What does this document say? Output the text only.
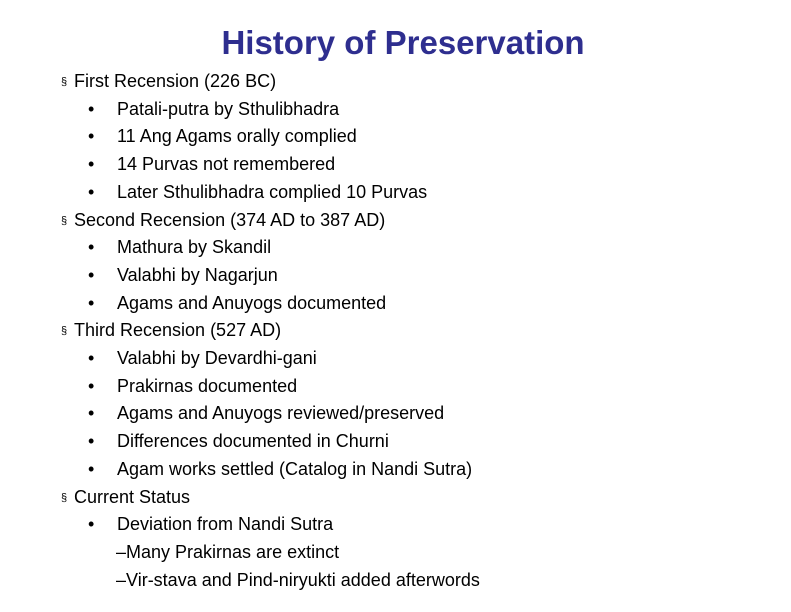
History of Preservation
§ First Recension (226 BC)
• Patali-putra by Sthulibhadra
• 11 Ang Agams orally complied
• 14 Purvas not remembered
• Later Sthulibhadra complied 10 Purvas
§ Second Recension (374 AD to 387 AD)
• Mathura by Skandil
• Valabhi by Nagarjun
• Agams and Anuyogs documented
§ Third Recension (527 AD)
• Valabhi by Devardhi-gani
• Prakirnas documented
• Agams and Anuyogs reviewed/preserved
• Differences documented in Churni
• Agam works settled (Catalog in Nandi Sutra)
§ Current Status
• Deviation from Nandi Sutra
–Many Prakirnas are extinct
–Vir-stava and Pind-niryukti added afterwords
